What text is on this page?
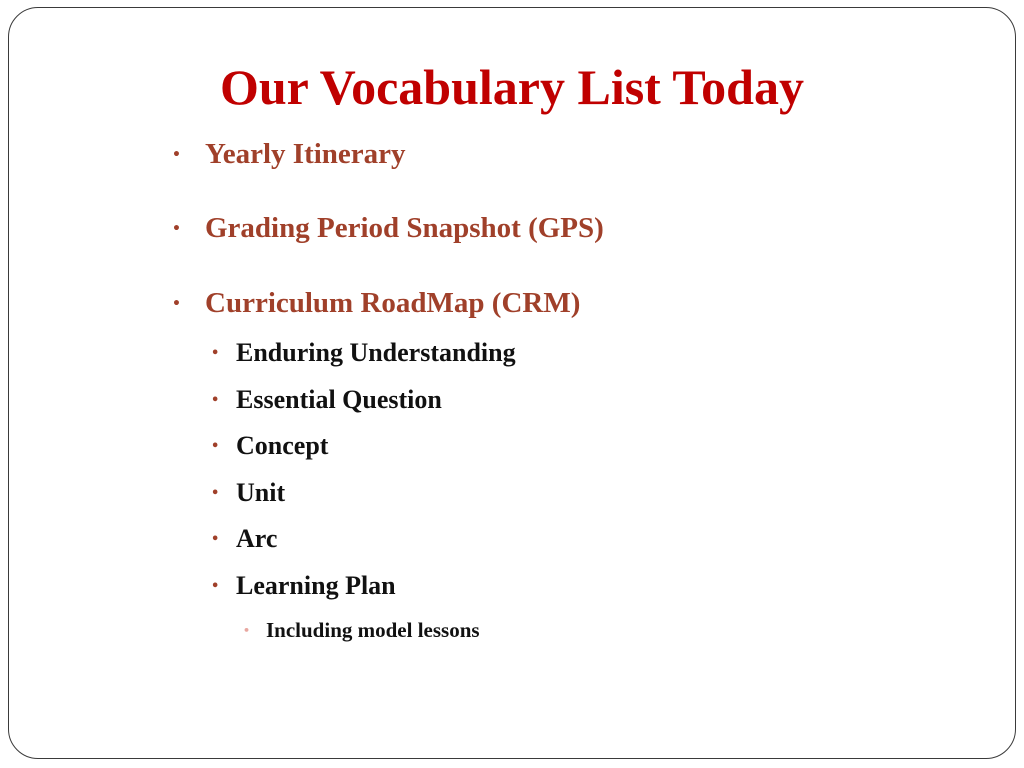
Our Vocabulary List Today
• Yearly Itinerary
• Grading Period Snapshot (GPS)
• Curriculum RoadMap (CRM)
• Enduring Understanding
• Essential Question
• Concept
• Unit
• Arc
• Learning Plan
• Including model lessons
